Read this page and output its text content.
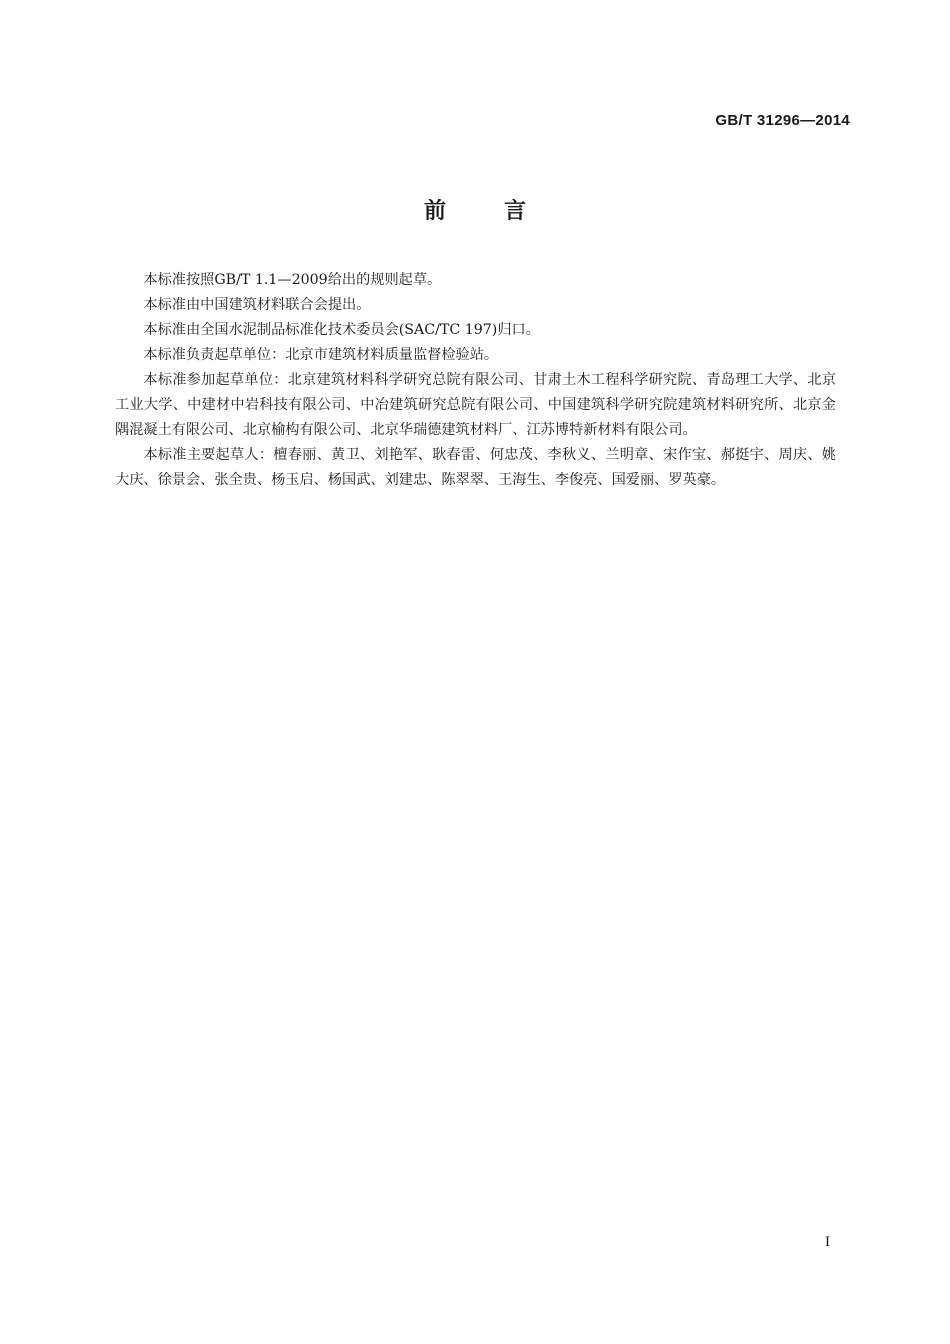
GB/T 31296—2014
前言

本标准按照GB/T 1.1—2009给出的规则起草。

本标准由中国建筑材料联合会提出。

本标准由全国水泥制品标准化技术委员会(SAC/TC 197)归口。

本标准负责起草单位：北京市建筑材料质量监督检验站。

本标准参加起草单位：北京建筑材料科学研究总院有限公司、甘肃土木工程科学研究院、青岛理工大学、北京工业大学、中建材中岩科技有限公司、中冶建筑研究总院有限公司、中国建筑科学研究院建筑材料研究所、北京金隅混凝土有限公司、北京榆构有限公司、北京华瑞德建筑材料厂、江苏博特新材料有限公司。

本标准主要起草人：檀春丽、黄卫、刘艳军、耿春雷、何忠茂、李秋义、兰明章、宋作宝、郝挺宇、周庆、姚大庆、徐景会、张全贵、杨玉启、杨国武、刘建忠、陈翠翠、王海生、李俊亮、国爱丽、罗英豪。

I
